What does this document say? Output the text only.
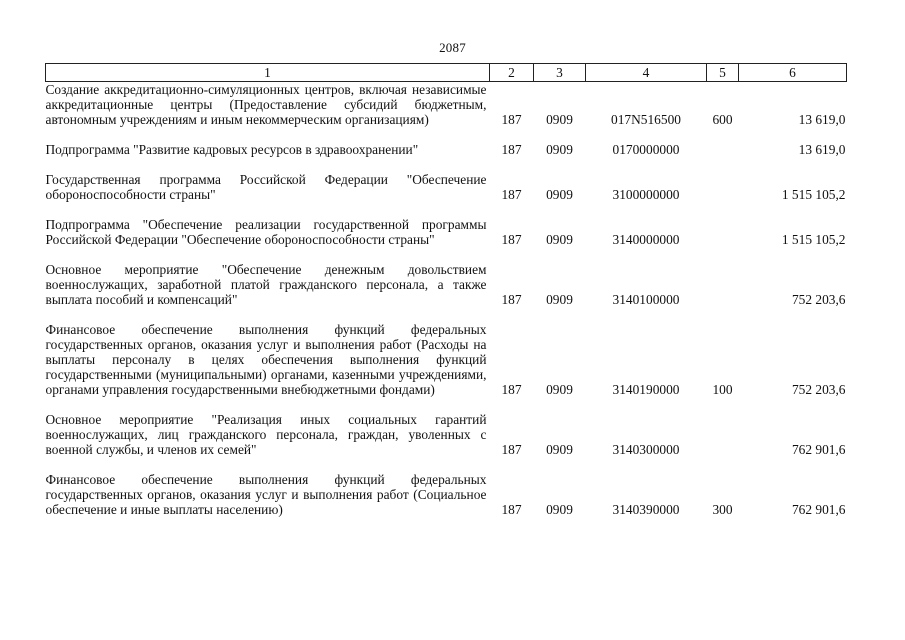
2087
1	2	3	4	5	6
Создание аккредитационно-симуляционных центров, включая независимые аккредитационные центры (Предоставление субсидий бюджетным, автономным учреждениям и иным некоммерческим организациям)	187	0909	017N516500	600	13 619,0

Подпрограмма "Развитие кадровых ресурсов в здравоохранении"	187	0909	0170000000		13 619,0

Государственная программа Российской Федерации "Обеспечение обороноспособности страны"	187	0909	3100000000		1 515 105,2

Подпрограмма "Обеспечение реализации государственной программы Российской Федерации "Обеспечение обороноспособности страны"	187	0909	3140000000		1 515 105,2

Основное мероприятие "Обеспечение денежным довольствием военнослужащих, заработной платой гражданского персонала, а также выплата пособий и компенсаций"	187	0909	3140100000		752 203,6

Финансовое обеспечение выполнения функций федеральных государственных органов, оказания услуг и выполнения работ (Расходы на выплаты персоналу в целях обеспечения выполнения функций государственными (муниципальными) органами, казенными учреждениями, органами управления государственными внебюджетными фондами)	187	0909	3140190000	100	752 203,6

Основное мероприятие "Реализация иных социальных гарантий военнослужащих, лиц гражданского персонала, граждан, уволенных с военной службы, и членов их семей"	187	0909	3140300000		762 901,6

Финансовое обеспечение выполнения функций федеральных государственных органов, оказания услуг и выполнения работ (Социальное обеспечение и иные выплаты населению)	187	0909	3140390000	300	762 901,6
